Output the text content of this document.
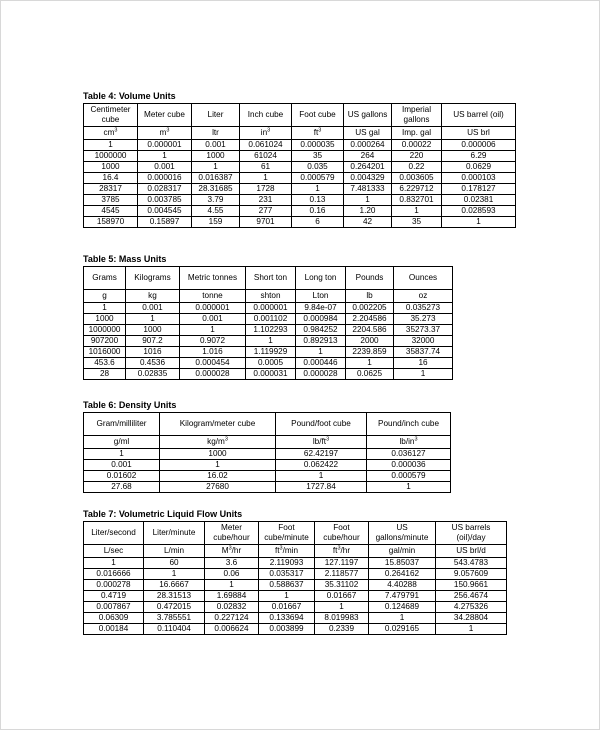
Table 4: Volume Units
Centimeter cube	Meter cube	Liter	Inch cube	Foot cube	US gallons	Imperial gallons	US barrel (oil)
$cm^3$	$m^3$	ltr	$in^3$	$ft^3$	US gal	Imp. gal	US brl
1	0.000001	0.001	0.061024	0.000035	0.000264	0.00022	0.000006
1000000	1	1000	61024	35	264	220	6.29
1000	0.001	1	61	0.035	0.264201	0.22	0.0629
16.4	0.000016	0.016387	1	0.000579	0.004329	0.003605	0.000103
28317	0.028317	28.31685	1728	1	7.481333	6.229712	0.178127
3785	0.003785	3.79	231	0.13	1	0.832701	0.02381
4545	0.004545	4.55	277	0.16	1.20	1	0.028593
158970	0.15897	159	9701	6	42	35	1
Table 5: Mass Units
Grams	Kilograms	Metric tonnes	Short ton	Long ton	Pounds	Ounces
g	kg	tonne	shton	Lton	lb	oz
1	0.001	0.000001	0.000001	9.84e-07	0.002205	0.035273
1000	1	0.001	0.001102	0.000984	2.204586	35.273
1000000	1000	1	1.102293	0.984252	2204.586	35273.37
907200	907.2	0.9072	1	0.892913	2000	32000
1016000	1016	1.016	1.119929	1	2239.859	35837.74
453.6	0.4536	0.000454	0.0005	0.000446	1	16
28	0.02835	0.000028	0.000031	0.000028	0.0625	1
Table 6: Density Units
Gram/milliliter	Kilogram/meter cube	Pound/foot cube	Pound/inch cube
g/ml	$kg/m^3$	$lb/ft^3$	$lb/in^3$
1	1000	62.42197	0.036127
0.001	1	0.062422	0.000036
0.01602	16.02	1	0.000579
27.68	27680	1727.84	1
Table 7: Volumetric Liquid Flow Units
Liter/second	Liter/minute	Meter cube/hour	Foot cube/minute	Foot cube/hour	US gallons/minute	US barrels (oil)/day
L/sec	L/min	$M^3/hr$	$ft^3/\min$	$ft^3/hr$	gal/min	US brl/d
1	60	3.6	2.119093	127.1197	15.85037	543.4783
0.016666	1	0.06	0.035317	2.118577	0.264162	9.057609
0.000278	16.6667	1	0.588637	35.31102	4.40288	150.9661
0.4719	28.31513	1.69884	1	0.01667	7.479791	256.4674
0.007867	0.472015	0.02832	0.01667	1	0.124689	4.275326
0.06309	3.785551	0.227124	0.133694	8.019983	1	34.28804
0.00184	0.110404	0.006624	0.003899	0.2339	0.029165	1
